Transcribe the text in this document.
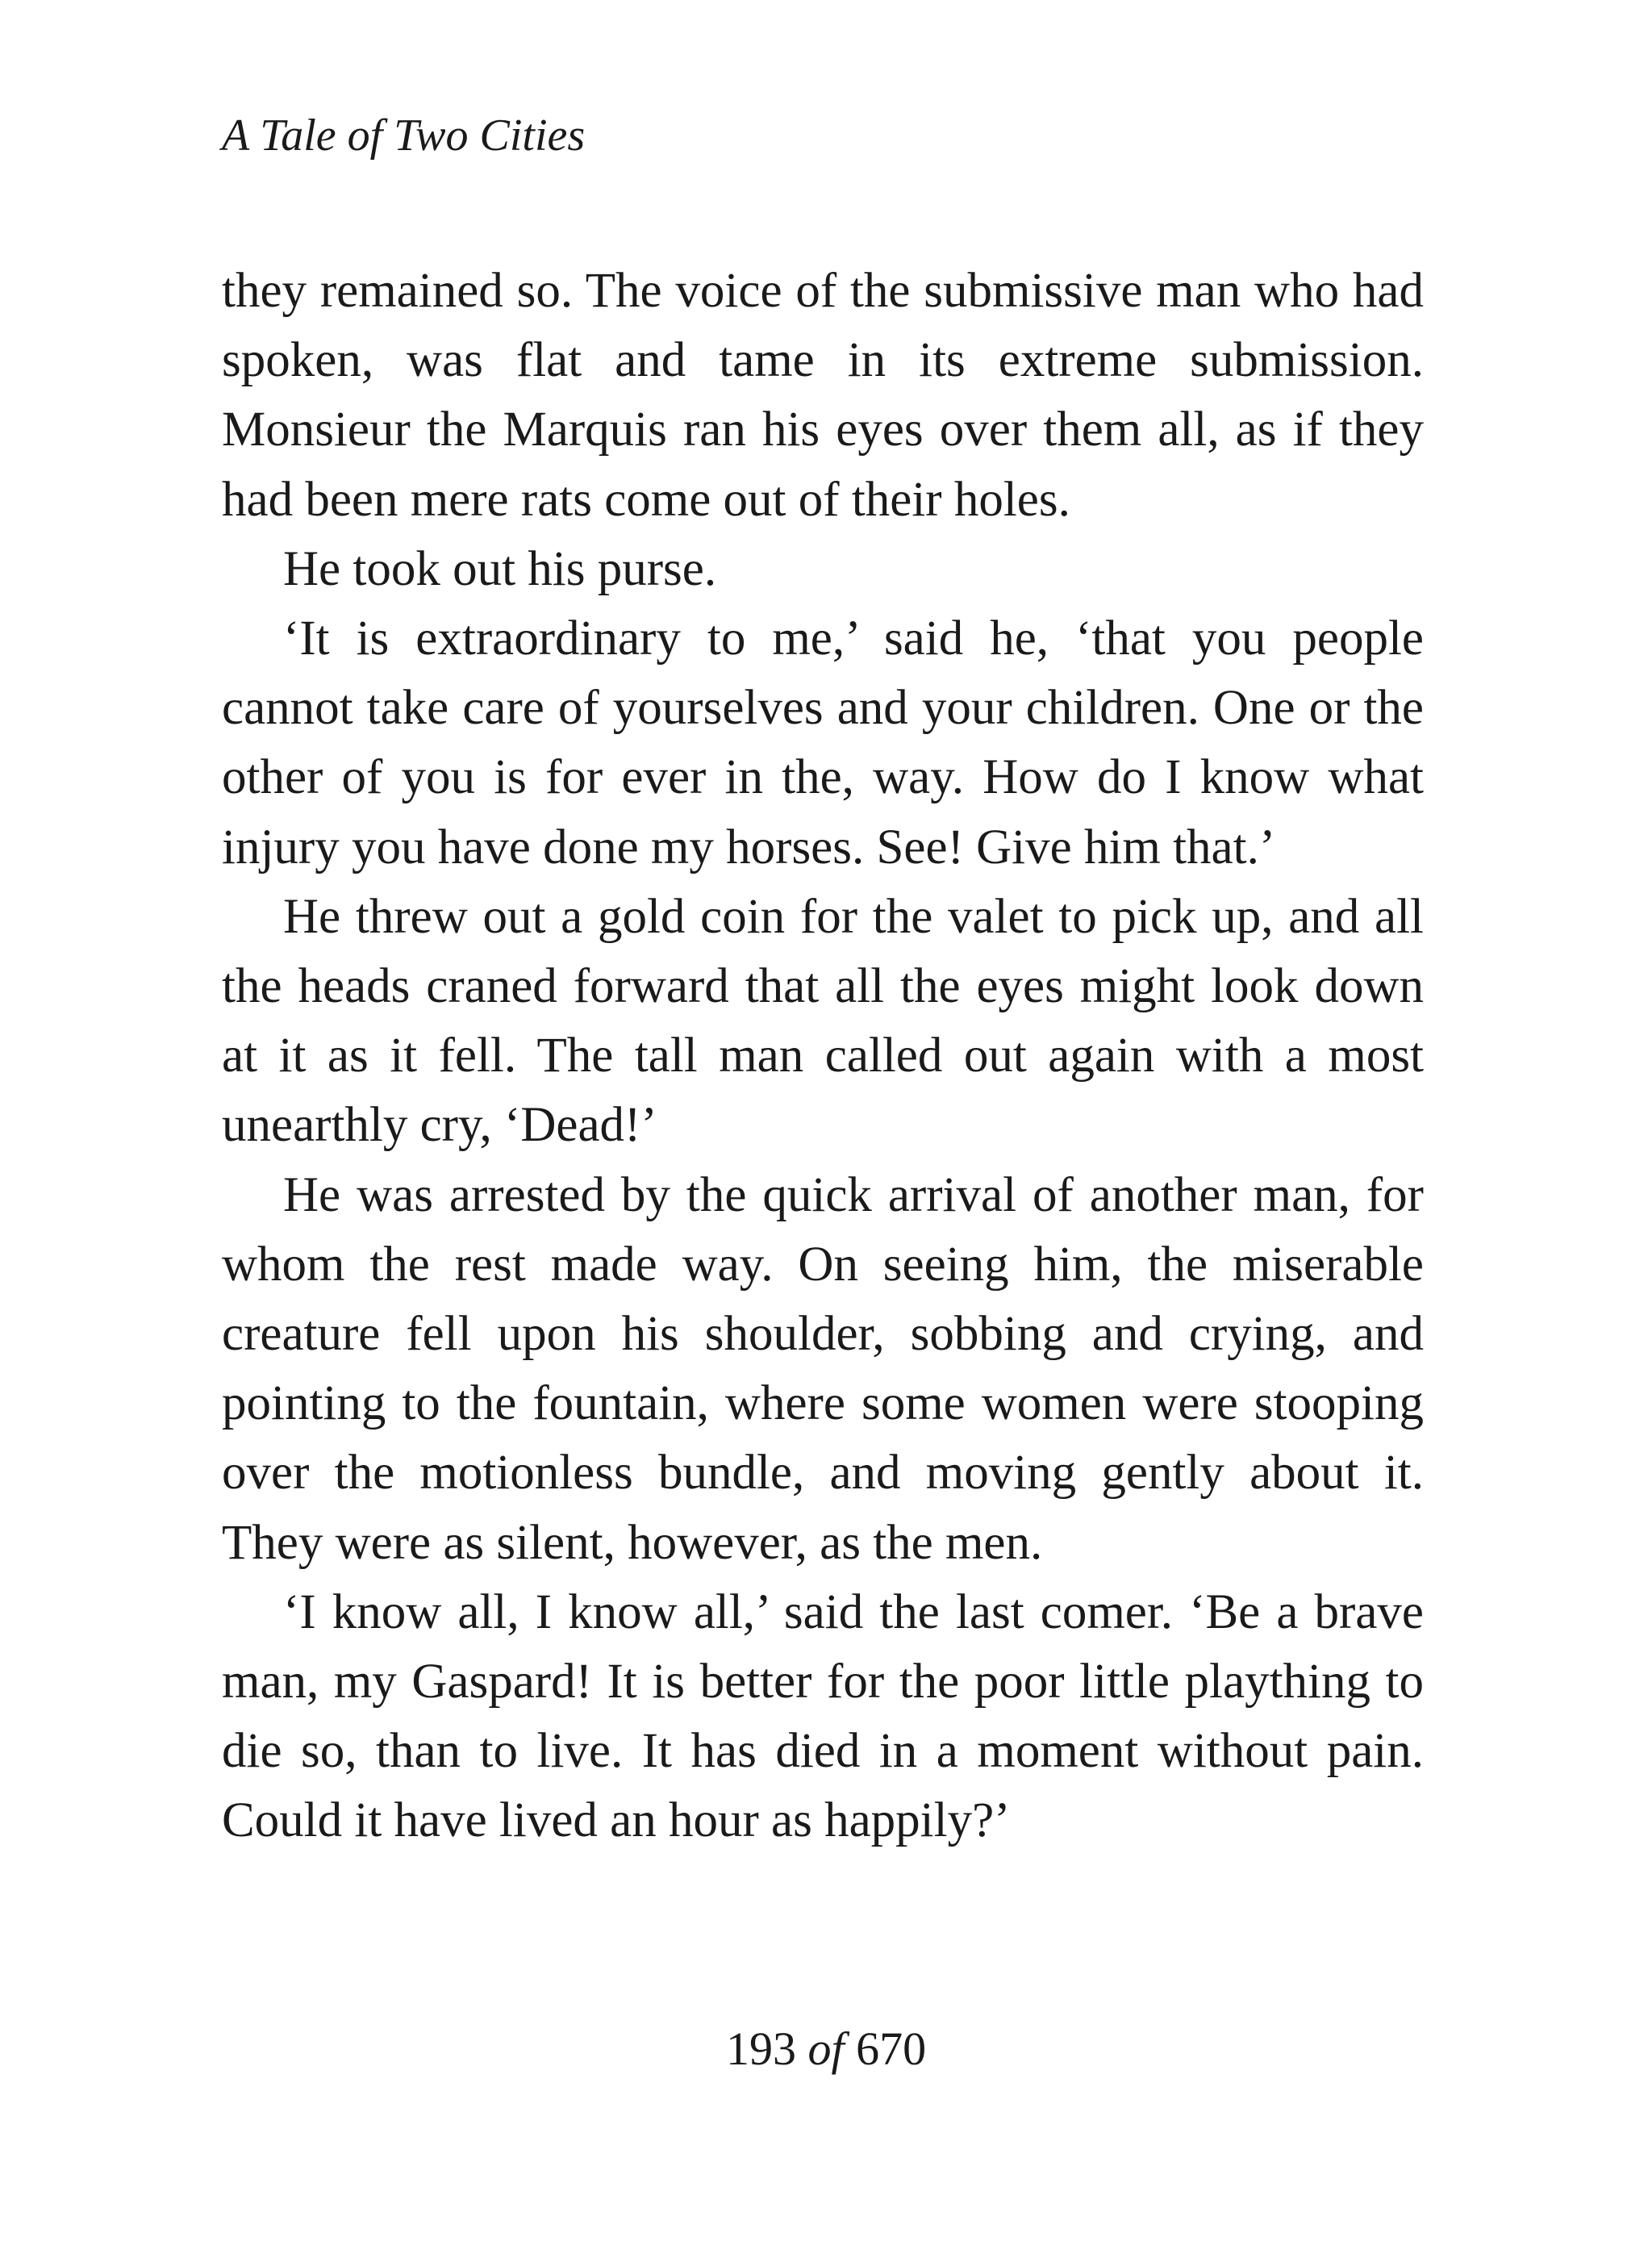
A Tale of Two Cities

they remained so. The voice of the submissive man who had spoken, was flat and tame in its extreme submission. Monsieur the Marquis ran his eyes over them all, as if they had been mere rats come out of their holes.

He took out his purse.

‘It is extraordinary to me,’ said he, ‘that you people cannot take care of yourselves and your children. One or the other of you is for ever in the, way. How do I know what injury you have done my horses. See! Give him that.’

He threw out a gold coin for the valet to pick up, and all the heads craned forward that all the eyes might look down at it as it fell. The tall man called out again with a most unearthly cry, ‘Dead!’

He was arrested by the quick arrival of another man, for whom the rest made way. On seeing him, the miserable creature fell upon his shoulder, sobbing and crying, and pointing to the fountain, where some women were stooping over the motionless bundle, and moving gently about it. They were as silent, however, as the men.

‘I know all, I know all,’ said the last comer. ‘Be a brave man, my Gaspard! It is better for the poor little plaything to die so, than to live. It has died in a moment without pain. Could it have lived an hour as happily?’

193 of 670
